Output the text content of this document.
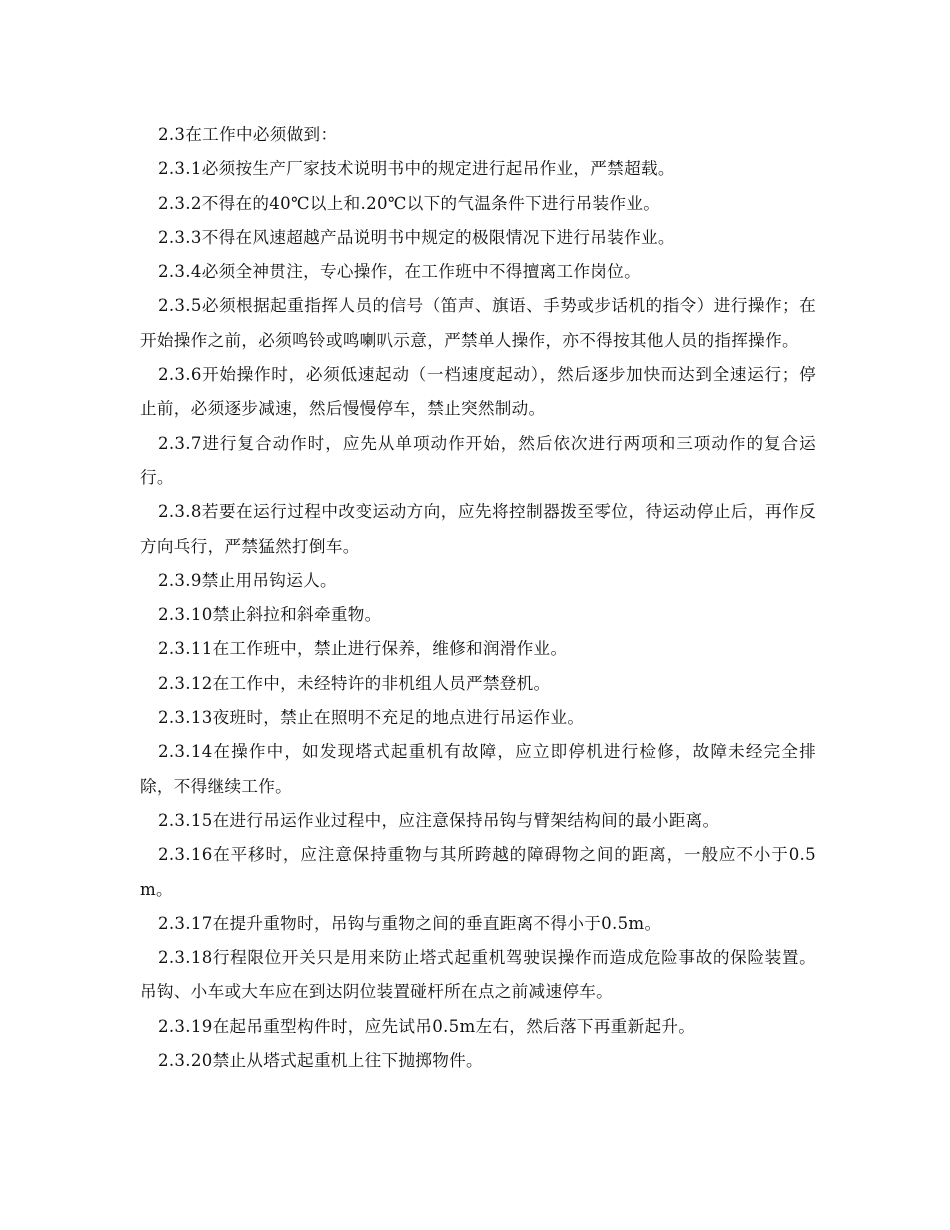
2.3在工作中必须做到：

2.3.1必须按生产厂家技术说明书中的规定进行起吊作业，严禁超载。

2.3.2不得在的40℃以上和.20℃以下的气温条件下进行吊装作业。

2.3.3不得在风速超越产品说明书中规定的极限情况下进行吊装作业。

2.3.4必须全神贯注，专心操作，在工作班中不得擅离工作岗位。

2.3.5必须根据起重指挥人员的信号（笛声、旗语、手势或步话机的指令）进行操作；在开始操作之前，必须鸣铃或鸣喇叭示意，严禁单人操作，亦不得按其他人员的指挥操作。

2.3.6开始操作时，必须低速起动（一档速度起动），然后逐步加快而达到全速运行；停止前，必须逐步减速，然后慢慢停车，禁止突然制动。

2.3.7进行复合动作时，应先从单项动作开始，然后依次进行两项和三项动作的复合运行。

2.3.8若要在运行过程中改变运动方向，应先将控制器拨至零位，待运动停止后，再作反方向乓行，严禁猛然打倒车。

2.3.9禁止用吊钩运人。

2.3.10禁止斜拉和斜牵重物。

2.3.11在工作班中，禁止进行保养，维修和润滑作业。

2.3.12在工作中，未经特许的非机组人员严禁登机。

2.3.13夜班时，禁止在照明不充足的地点进行吊运作业。

2.3.14在操作中，如发现塔式起重机有故障，应立即停机进行检修，故障未经完全排除，不得继续工作。

2.3.15在进行吊运作业过程中，应注意保持吊钩与臂架结构间的最小距离。

2.3.16在平移时，应注意保持重物与其所跨越的障碍物之间的距离，一般应不小于0.5m。

2.3.17在提升重物时，吊钩与重物之间的垂直距离不得小于0.5m。

2.3.18行程限位开关只是用来防止塔式起重机驾驶误操作而造成危险事故的保险装置。吊钩、小车或大车应在到达阴位装置碰杆所在点之前减速停车。

2.3.19在起吊重型构件时，应先试吊0.5m左右，然后落下再重新起升。

2.3.20禁止从塔式起重机上往下抛掷物件。
